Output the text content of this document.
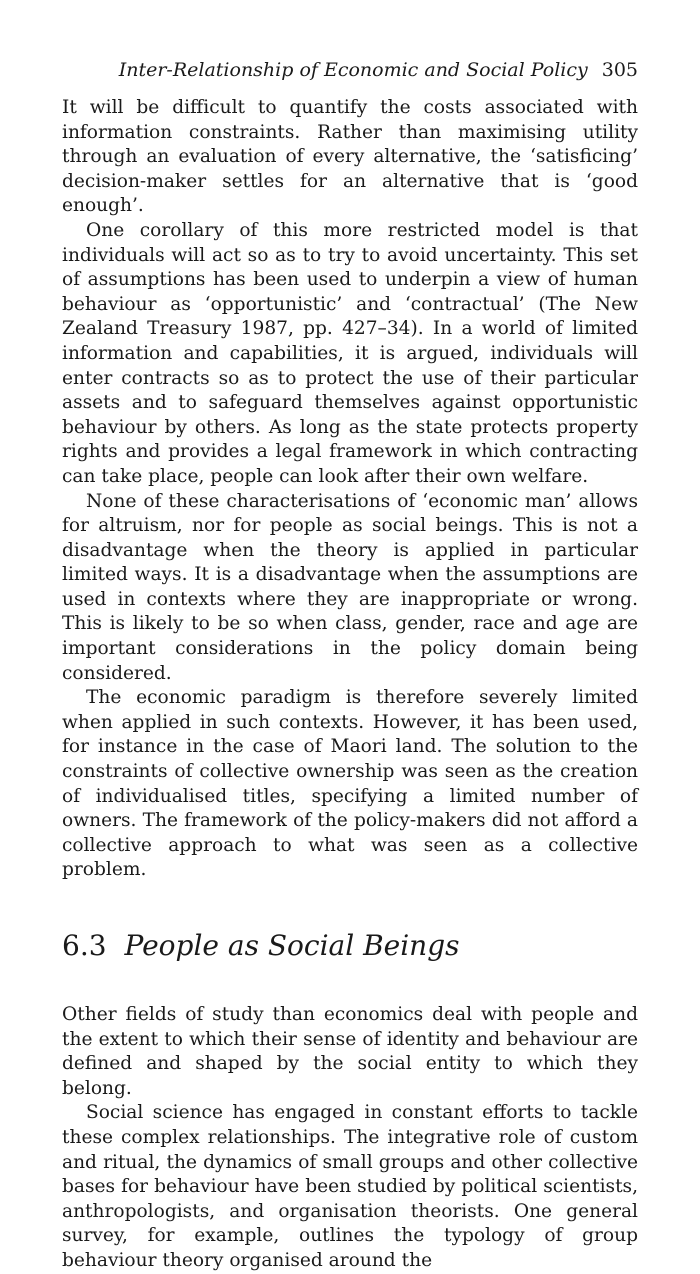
Inter-Relationship of Economic and Social Policy 305

It will be difficult to quantify the costs associated with information constraints. Rather than maximising utility through an evaluation of every alternative, the ‘satisficing’ decision-maker settles for an alternative that is ‘good enough’.

One corollary of this more restricted model is that individuals will act so as to try to avoid uncertainty. This set of assumptions has been used to underpin a view of human behaviour as ‘opportunistic’ and ‘contractual’ (The New Zealand Treasury 1987, pp. 427–34). In a world of limited information and capabilities, it is argued, individuals will enter contracts so as to protect the use of their particular assets and to safeguard themselves against opportunistic behaviour by others. As long as the state protects property rights and provides a legal framework in which contracting can take place, people can look after their own welfare.

None of these characterisations of ‘economic man’ allows for altruism, nor for people as social beings. This is not a disadvantage when the theory is applied in particular limited ways. It is a disadvantage when the assumptions are used in contexts where they are inappropriate or wrong. This is likely to be so when class, gender, race and age are important considerations in the policy domain being considered.

The economic paradigm is therefore severely limited when applied in such contexts. However, it has been used, for instance in the case of Maori land. The solution to the constraints of collective ownership was seen as the creation of individualised titles, specifying a limited number of owners. The framework of the policy-makers did not afford a collective approach to what was seen as a collective problem.

6.3 People as Social Beings

Other fields of study than economics deal with people and the extent to which their sense of identity and behaviour are defined and shaped by the social entity to which they belong.

Social science has engaged in constant efforts to tackle these complex relationships. The integrative role of custom and ritual, the dynamics of small groups and other collective bases for behaviour have been studied by political scientists, anthropologists, and organisation theorists. One general survey, for example, outlines the typology of group behaviour theory organised around the
